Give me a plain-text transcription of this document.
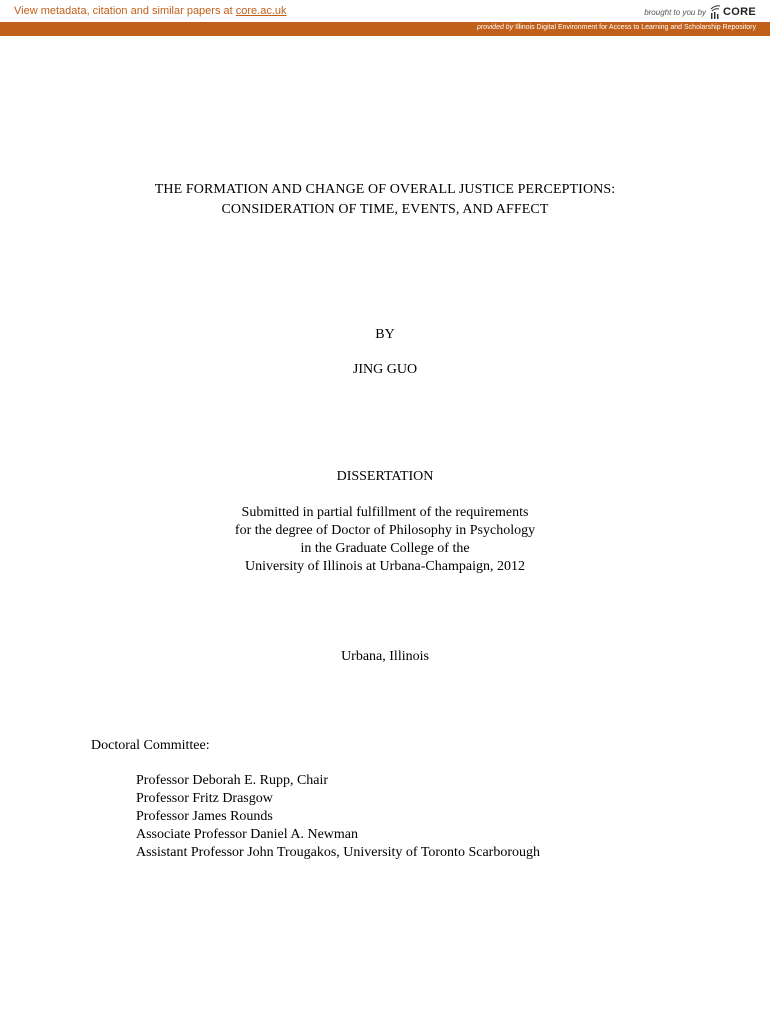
View metadata, citation and similar papers at core.ac.uk	brought to you by CORE
provided by Illinois Digital Environment for Access to Learning and Scholarship Repository
THE FORMATION AND CHANGE OF OVERALL JUSTICE PERCEPTIONS:
CONSIDERATION OF TIME, EVENTS, AND AFFECT
BY
JING GUO
DISSERTATION
Submitted in partial fulfillment of the requirements
for the degree of Doctor of Philosophy in Psychology
in the Graduate College of the
University of Illinois at Urbana-Champaign, 2012
Urbana, Illinois
Doctoral Committee:
Professor Deborah E. Rupp, Chair
Professor Fritz Drasgow
Professor James Rounds
Associate Professor Daniel A. Newman
Assistant Professor John Trougakos, University of Toronto Scarborough
